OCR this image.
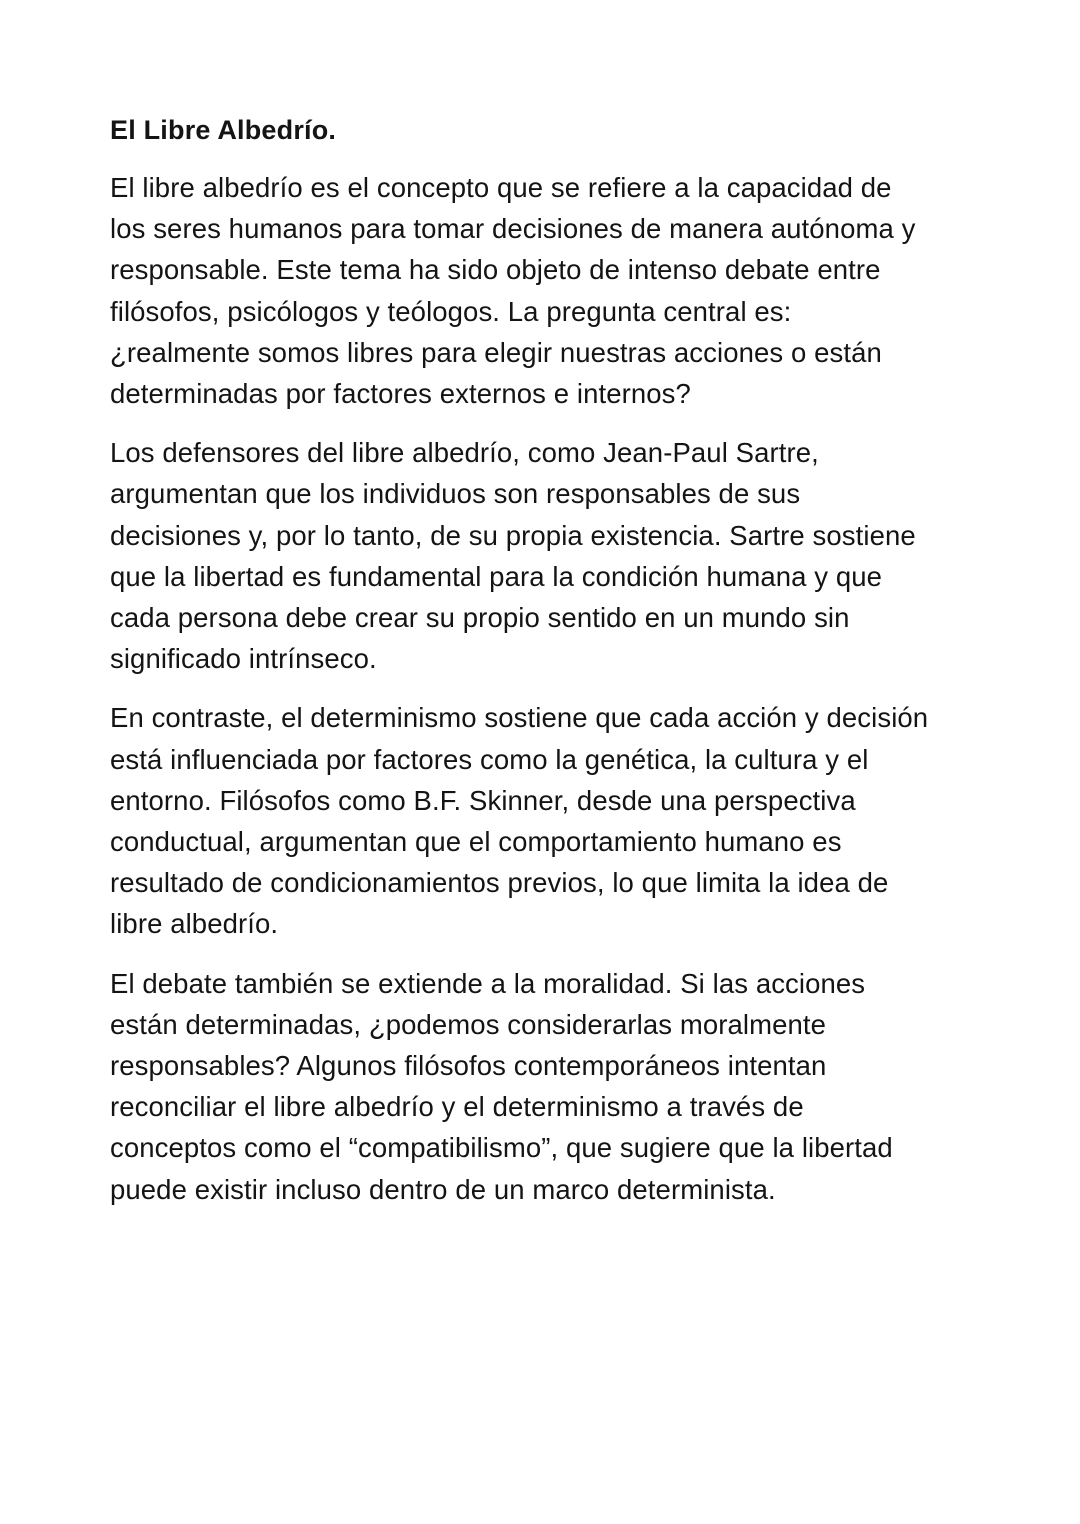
El Libre Albedrío.

El libre albedrío es el concepto que se refiere a la capacidad de los seres humanos para tomar decisiones de manera autónoma y responsable. Este tema ha sido objeto de intenso debate entre filósofos, psicólogos y teólogos. La pregunta central es: ¿realmente somos libres para elegir nuestras acciones o están determinadas por factores externos e internos?

Los defensores del libre albedrío, como Jean-Paul Sartre, argumentan que los individuos son responsables de sus decisiones y, por lo tanto, de su propia existencia. Sartre sostiene que la libertad es fundamental para la condición humana y que cada persona debe crear su propio sentido en un mundo sin significado intrínseco.

En contraste, el determinismo sostiene que cada acción y decisión está influenciada por factores como la genética, la cultura y el entorno. Filósofos como B.F. Skinner, desde una perspectiva conductual, argumentan que el comportamiento humano es resultado de condicionamientos previos, lo que limita la idea de libre albedrío.

El debate también se extiende a la moralidad. Si las acciones están determinadas, ¿podemos considerarlas moralmente responsables? Algunos filósofos contemporáneos intentan reconciliar el libre albedrío y el determinismo a través de conceptos como el “compatibilismo”, que sugiere que la libertad puede existir incluso dentro de un marco determinista.
